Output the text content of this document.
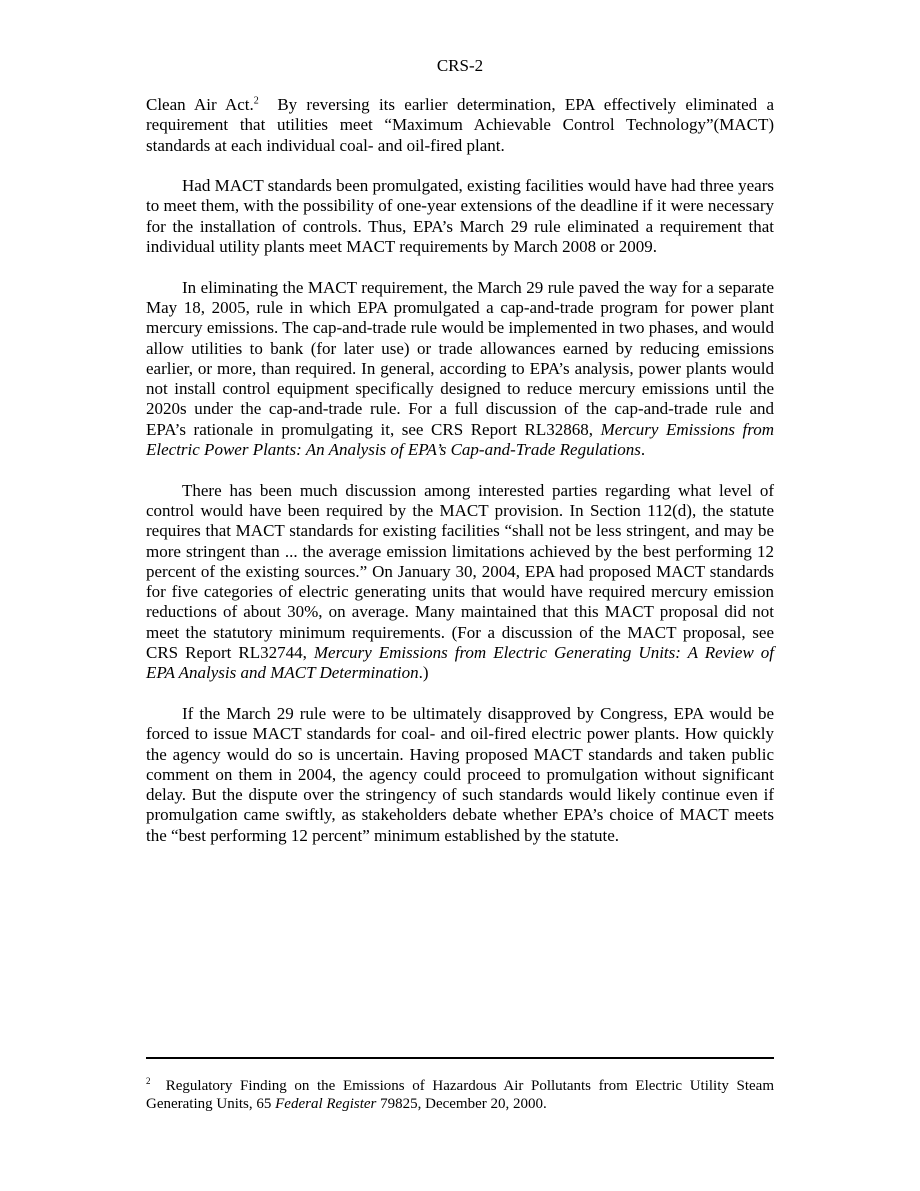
CRS-2

Clean Air Act.$^2$  By reversing its earlier determination, EPA effectively eliminated a requirement that utilities meet “Maximum Achievable Control Technology”(MACT) standards at each individual coal- and oil-fired plant.

Had MACT standards been promulgated, existing facilities would have had three years to meet them, with the possibility of one-year extensions of the deadline if it were necessary for the installation of controls. Thus, EPA’s March 29 rule eliminated a requirement that individual utility plants meet MACT requirements by March 2008 or 2009.

In eliminating the MACT requirement, the March 29 rule paved the way for a separate May 18, 2005, rule in which EPA promulgated a cap-and-trade program for power plant mercury emissions. The cap-and-trade rule would be implemented in two phases, and would allow utilities to bank (for later use) or trade allowances earned by reducing emissions earlier, or more, than required. In general, according to EPA’s analysis, power plants would not install control equipment specifically designed to reduce mercury emissions until the 2020s under the cap-and-trade rule. For a full discussion of the cap-and-trade rule and EPA’s rationale in promulgating it, see CRS Report RL32868, Mercury Emissions from Electric Power Plants: An Analysis of EPA’s Cap-and-Trade Regulations.

There has been much discussion among interested parties regarding what level of control would have been required by the MACT provision. In Section 112(d), the statute requires that MACT standards for existing facilities “shall not be less stringent, and may be more stringent than ... the average emission limitations achieved by the best performing 12 percent of the existing sources.” On January 30, 2004, EPA had proposed MACT standards for five categories of electric generating units that would have required mercury emission reductions of about 30%, on average. Many maintained that this MACT proposal did not meet the statutory minimum requirements. (For a discussion of the MACT proposal, see CRS Report RL32744, Mercury Emissions from Electric Generating Units: A Review of EPA Analysis and MACT Determination.)

If the March 29 rule were to be ultimately disapproved by Congress, EPA would be forced to issue MACT standards for coal- and oil-fired electric power plants. How quickly the agency would do so is uncertain. Having proposed MACT standards and taken public comment on them in 2004, the agency could proceed to promulgation without significant delay. But the dispute over the stringency of such standards would likely continue even if promulgation came swiftly, as stakeholders debate whether EPA’s choice of MACT meets the “best performing 12 percent” minimum established by the statute.

$^2$  Regulatory Finding on the Emissions of Hazardous Air Pollutants from Electric Utility Steam Generating Units, 65 Federal Register 79825, December 20, 2000.
